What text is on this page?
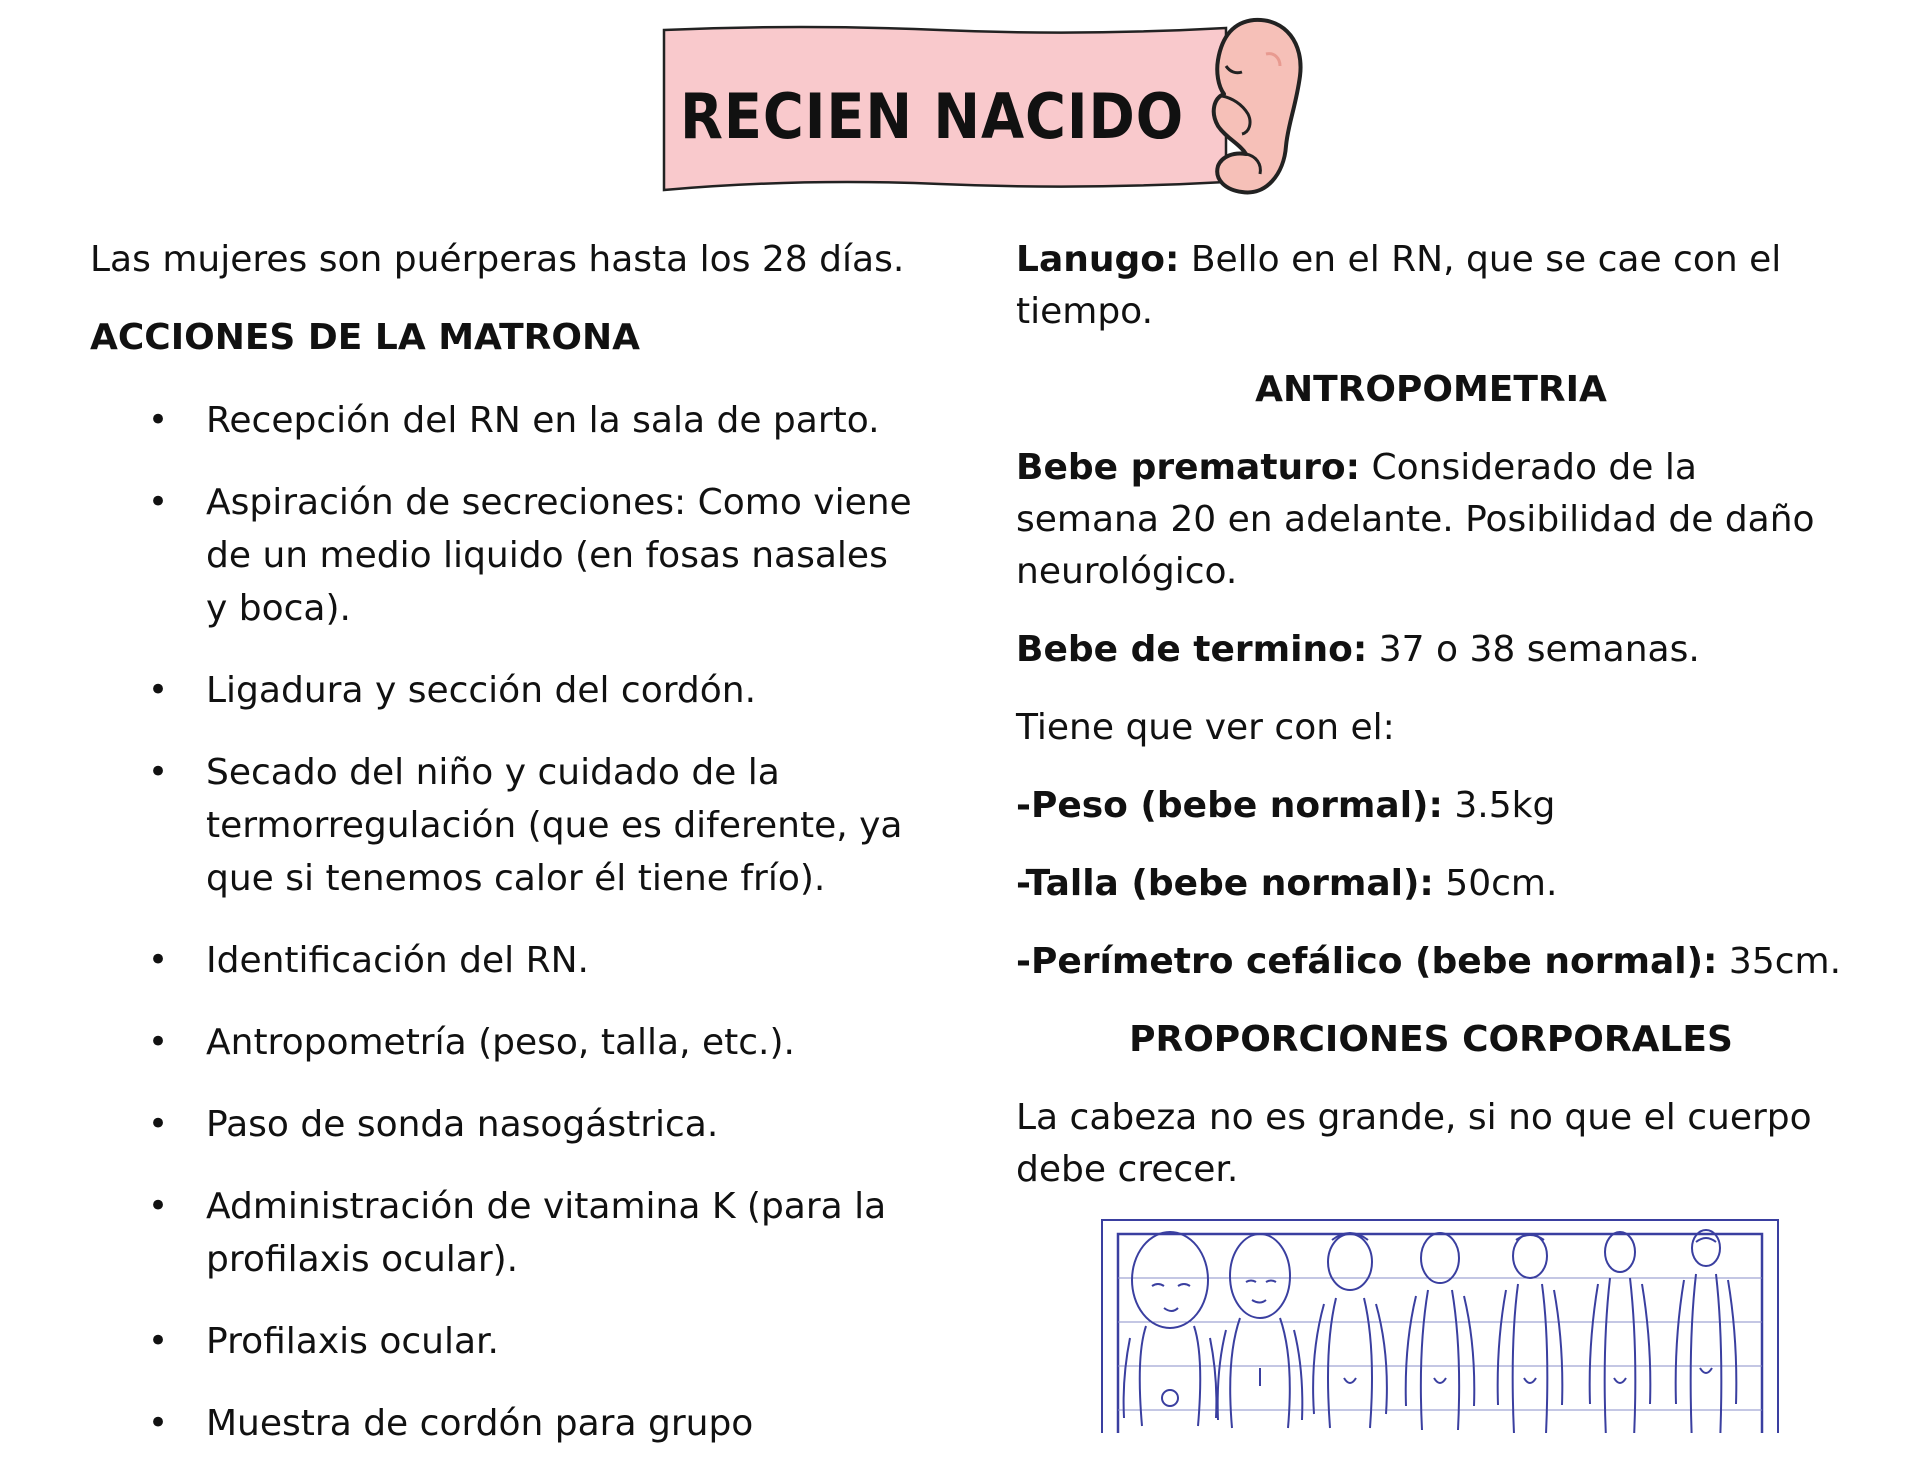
RECIEN NACIDO
Las mujeres son puérperas hasta los 28 días.
ACCIONES DE LA MATRONA
• Recepción del RN en la sala de parto.
• Aspiración de secreciones: Como viene de un medio liquido (en fosas nasales y boca).
• Ligadura y sección del cordón.
• Secado del niño y cuidado de la termorregulación (que es diferente, ya que si tenemos calor él tiene frío).
• Identificación del RN.
• Antropometría (peso, talla, etc.).
• Paso de sonda nasogástrica.
• Administración de vitamina K (para la profilaxis ocular).
• Profilaxis ocular.
• Muestra de cordón para grupo
Lanugo: Bello en el RN, que se cae con el tiempo.
ANTROPOMETRIA
Bebe prematuro: Considerado de la semana 20 en adelante. Posibilidad de daño neurológico.
Bebe de termino: 37 o 38 semanas.
Tiene que ver con el:
-Peso (bebe normal): 3.5kg
-Talla (bebe normal): 50cm.
-Perímetro cefálico (bebe normal): 35cm.
PROPORCIONES CORPORALES
La cabeza no es grande, si no que el cuerpo debe crecer.
